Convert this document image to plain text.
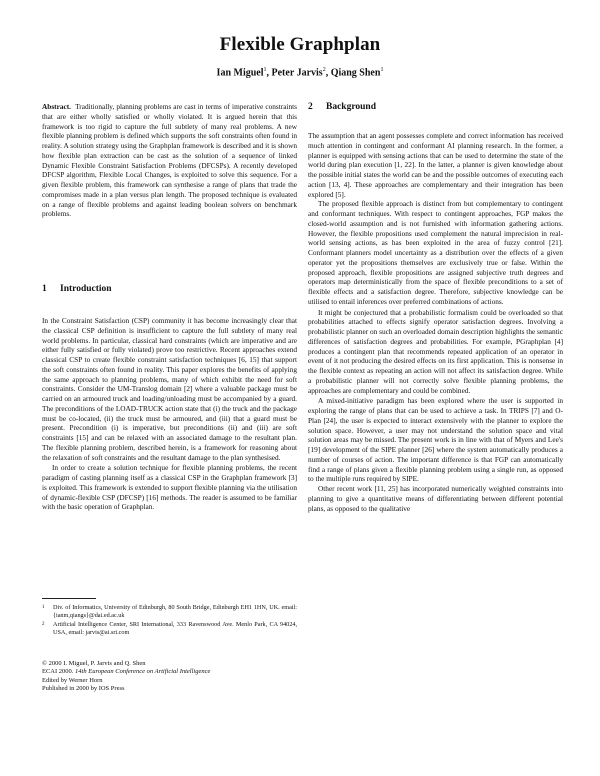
Flexible Graphplan
Ian Miguel$^1$, Peter Jarvis$^2$, Qiang Shen$^1$

Abstract. Traditionally, planning problems are cast in terms of imperative constraints that are either wholly satisfied or wholly violated. It is argued herein that this framework is too rigid to capture the full subtlety of many real problems. A new flexible planning problem is defined which supports the soft constraints often found in reality. A solution strategy using the Graphplan framework is described and it is shown how flexible plan extraction can be cast as the solution of a sequence of linked Dynamic Flexible Constraint Satisfaction Problems (DFCSPs). A recently developed DFCSP algorithm, Flexible Local Changes, is exploited to solve this sequence. For a given flexible problem, this framework can synthesise a range of plans that trade the compromises made in a plan versus plan length. The proposed technique is evaluated on a range of flexible problems and against leading boolean solvers on benchmark problems.

1 Introduction

In the Constraint Satisfaction (CSP) community it has become increasingly clear that the classical CSP definition is insufficient to capture the full subtlety of many real world problems. In particular, classical hard constraints (which are imperative and are either fully satisfied or fully violated) prove too restrictive. Recent approaches extend classical CSP to create flexible constraint satisfaction techniques [6, 15] that support the soft constraints often found in reality. This paper explores the benefits of applying the same approach to planning problems, many of which exhibit the need for soft constraints. Consider the UM-Translog domain [2] where a valuable package must be carried on an armoured truck and loading/unloading must be accompanied by a guard. The preconditions of the LOAD-TRUCK action state that (i) the truck and the package must be co-located, (ii) the truck must be armoured, and (iii) that a guard must be present. Precondition (i) is imperative, but preconditions (ii) and (iii) are soft constraints [15] and can be relaxed with an associated damage to the resultant plan. The flexible planning problem, described herein, is a framework for reasoning about the relaxation of soft constraints and the resultant damage to the plan synthesised.

In order to create a solution technique for flexible planning problems, the recent paradigm of casting planning itself as a classical CSP in the Graphplan framework [3] is exploited. This framework is extended to support flexible planning via the utilisation of dynamic-flexible CSP (DFCSP) [16] methods. The reader is assumed to be familiar with the basic operation of Graphplan.

1	Div. of Informatics, University of Edinburgh, 80 South Bridge, Edinburgh EH1 1HN, UK. email: {ianm,qiangs}@dai.ed.ac.uk
2	Artificial Intelligence Center, SRI International, 333 Ravenswood Ave. Menlo Park, CA 94024, USA, email: jarvis@ai.sri.com
© 2000 I. Miguel, P. Jarvis and Q. Shen
ECAI 2000. 14th European Conference on Artificial Intelligence
Edited by Werner Horn
Published in 2000 by IOS Press
2 Background

The assumption that an agent possesses complete and correct information has received much attention in contingent and conformant AI planning research. In the former, a planner is equipped with sensing actions that can be used to determine the state of the world during plan execution [1, 22]. In the latter, a planner is given knowledge about the possible initial states the world can be and the possible outcomes of executing each action [13, 4]. These approaches are complementary and their integration has been explored [5].

The proposed flexible approach is distinct from but complementary to contingent and conformant techniques. With respect to contingent approaches, FGP makes the closed-world assumption and is not furnished with information gathering actions. However, the flexible propositions used complement the natural imprecision in real-world sensing actions, as has been exploited in the area of fuzzy control [21]. Conformant planners model uncertainty as a distribution over the effects of a given operator yet the propositions themselves are exclusively true or false. Within the proposed approach, flexible propositions are assigned subjective truth degrees and operators map deterministically from the space of flexible preconditions to a set of flexible effects and a satisfaction degree. Therefore, subjective knowledge can be utilised to entail inferences over preferred combinations of actions.

It might be conjectured that a probabilistic formalism could be overloaded so that probabilities attached to effects signify operator satisfaction degrees. Involving a probabilistic planner on such an overloaded domain description highlights the semantic differences of satisfaction degrees and probabilities. For example, PGraphplan [4] produces a contingent plan that recommends repeated application of an operator in event of it not producing the desired effects on its first application. This is nonsense in the flexible context as repeating an action will not affect its satisfaction degree. While a probabilistic planner will not correctly solve flexible planning problems, the approaches are complementary and could be combined.

A mixed-initiative paradigm has been explored where the user is supported in exploring the range of plans that can be used to achieve a task. In TRIPS [7] and O-Plan [24], the user is expected to interact extensively with the planner to explore the solution space. However, a user may not understand the solution space and vital solution areas may be missed. The present work is in line with that of Myers and Lee's [19] development of the SIPE planner [26] where the system automatically produces a number of courses of action. The important difference is that FGP can automatically find a range of plans given a flexible planning problem using a single run, as opposed to the multiple runs required by SIPE.

Other recent work [11, 25] has incorporated numerically weighted constraints into planning to give a quantitative means of differentiating between different potential plans, as opposed to the qualitative
